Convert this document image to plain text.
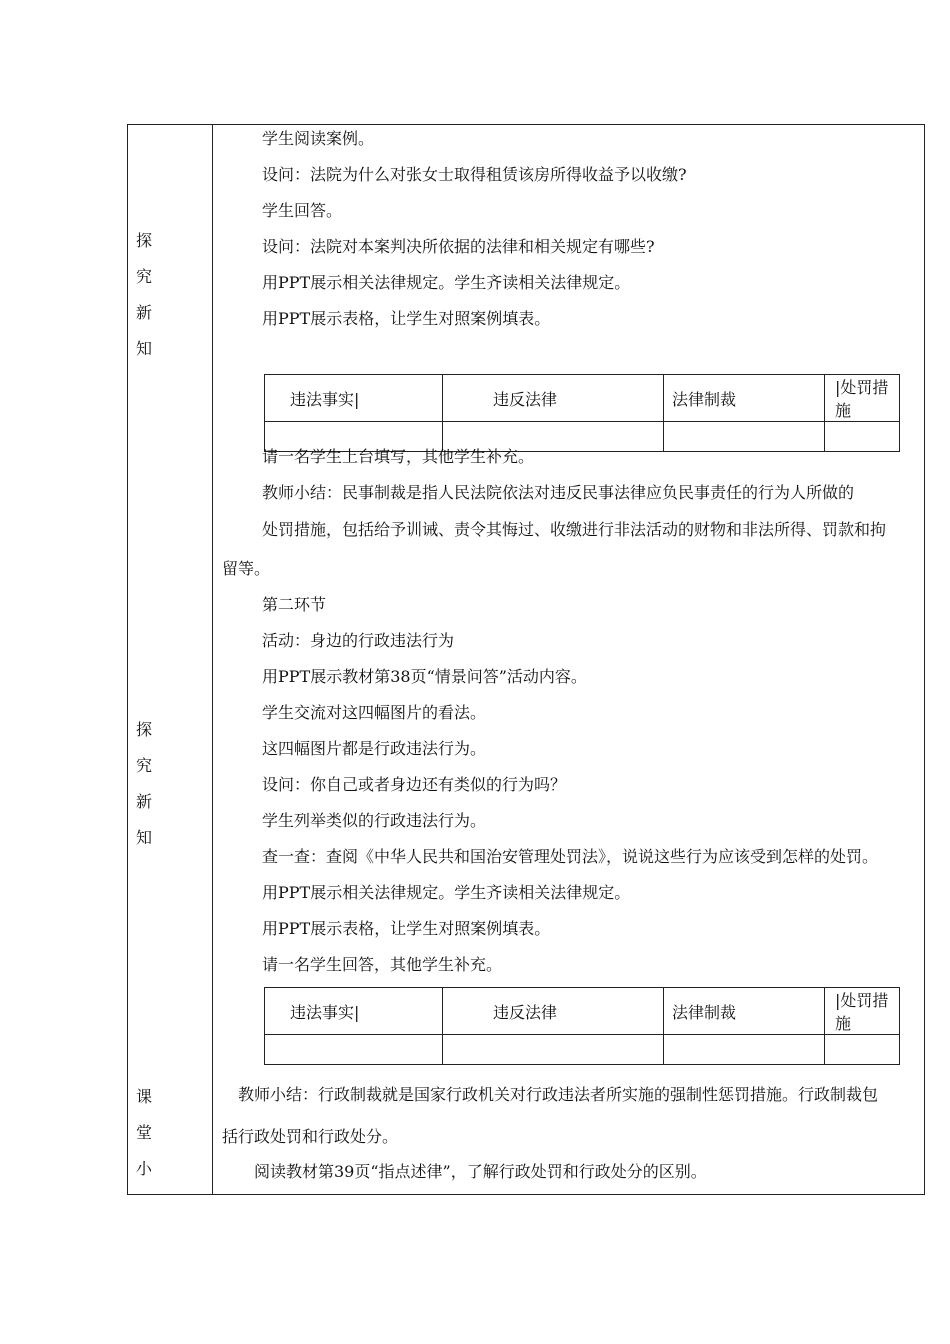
探
究
新
知
探
究
新
知
课
堂
小
学生阅读案例。
设问：法院为什么对张女士取得租赁该房所得收益予以收缴?
学生回答。
设问：法院对本案判决所依据的法律和相关规定有哪些?
用PPT展示相关法律规定。学生齐读相关法律规定。
用PPT展示表格，让学生对照案例填表。
违法事实|	违反法律	法律制裁	|处罚措施

请一名学生上台填写，其他学生补充。
教师小结：民事制裁是指人民法院依法对违反民事法律应负民事责任的行为人所做的
处罚措施，包括给予训诫、责令其悔过、收缴进行非法活动的财物和非法所得、罚款和拘
留等。
第二环节
活动：身边的行政违法行为
用PPT展示教材第38页“情景问答”活动内容。
学生交流对这四幅图片的看法。
这四幅图片都是行政违法行为。
设问：你自己或者身边还有类似的行为吗？
学生列举类似的行政违法行为。
查一查：查阅《中华人民共和国治安管理处罚法》，说说这些行为应该受到怎样的处罚。
用PPT展示相关法律规定。学生齐读相关法律规定。
用PPT展示表格，让学生对照案例填表。
请一名学生回答，其他学生补充。
违法事实|	违反法律	法律制裁	|处罚措施

教师小结：行政制裁就是国家行政机关对行政违法者所实施的强制性惩罚措施。行政制裁包
括行政处罚和行政处分。
阅读教材第39页“指点述律”，了解行政处罚和行政处分的区别。
